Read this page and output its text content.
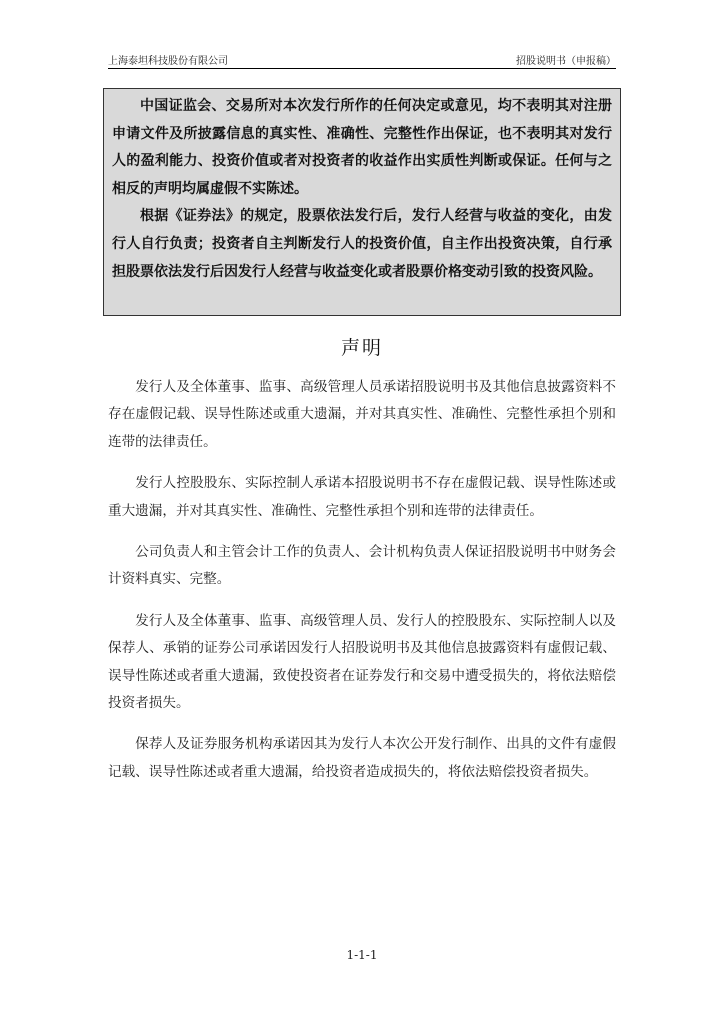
上海泰坦科技股份有限公司	招股说明书（申报稿）

中国证监会、交易所对本次发行所作的任何决定或意见，均不表明其对注册申请文件及所披露信息的真实性、准确性、完整性作出保证，也不表明其对发行人的盈利能力、投资价值或者对投资者的收益作出实质性判断或保证。任何与之相反的声明均属虚假不实陈述。

根据《证券法》的规定，股票依法发行后，发行人经营与收益的变化，由发行人自行负责；投资者自主判断发行人的投资价值，自主作出投资决策，自行承担股票依法发行后因发行人经营与收益变化或者股票价格变动引致的投资风险。

声明

发行人及全体董事、监事、高级管理人员承诺招股说明书及其他信息披露资料不存在虚假记载、误导性陈述或重大遗漏，并对其真实性、准确性、完整性承担个别和连带的法律责任。

发行人控股股东、实际控制人承诺本招股说明书不存在虚假记载、误导性陈述或重大遗漏，并对其真实性、准确性、完整性承担个别和连带的法律责任。

公司负责人和主管会计工作的负责人、会计机构负责人保证招股说明书中财务会计资料真实、完整。

发行人及全体董事、监事、高级管理人员、发行人的控股股东、实际控制人以及保荐人、承销的证券公司承诺因发行人招股说明书及其他信息披露资料有虚假记载、误导性陈述或者重大遗漏，致使投资者在证券发行和交易中遭受损失的，将依法赔偿投资者损失。

保荐人及证券服务机构承诺因其为发行人本次公开发行制作、出具的文件有虚假记载、误导性陈述或者重大遗漏，给投资者造成损失的，将依法赔偿投资者损失。

1-1-1
